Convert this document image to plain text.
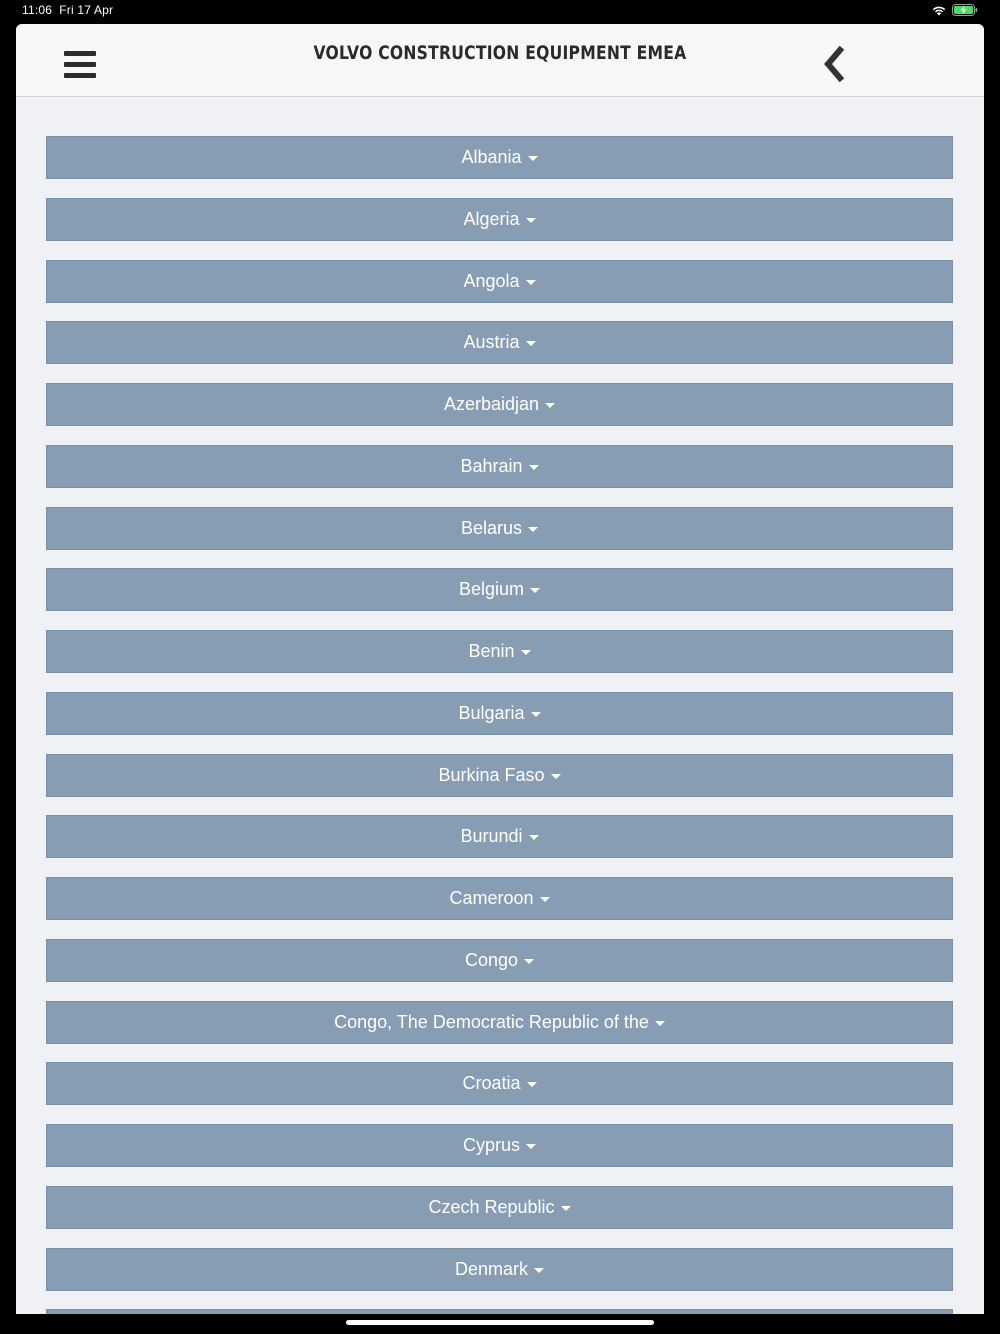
11:06 Fri 17 Apr
VOLVO CONSTRUCTION EQUIPMENT EMEA
Albania
Algeria
Angola
Austria
Azerbaidjan
Bahrain
Belarus
Belgium
Benin
Bulgaria
Burkina Faso
Burundi
Cameroon
Congo
Congo, The Democratic Republic of the
Croatia
Cyprus
Czech Republic
Denmark
